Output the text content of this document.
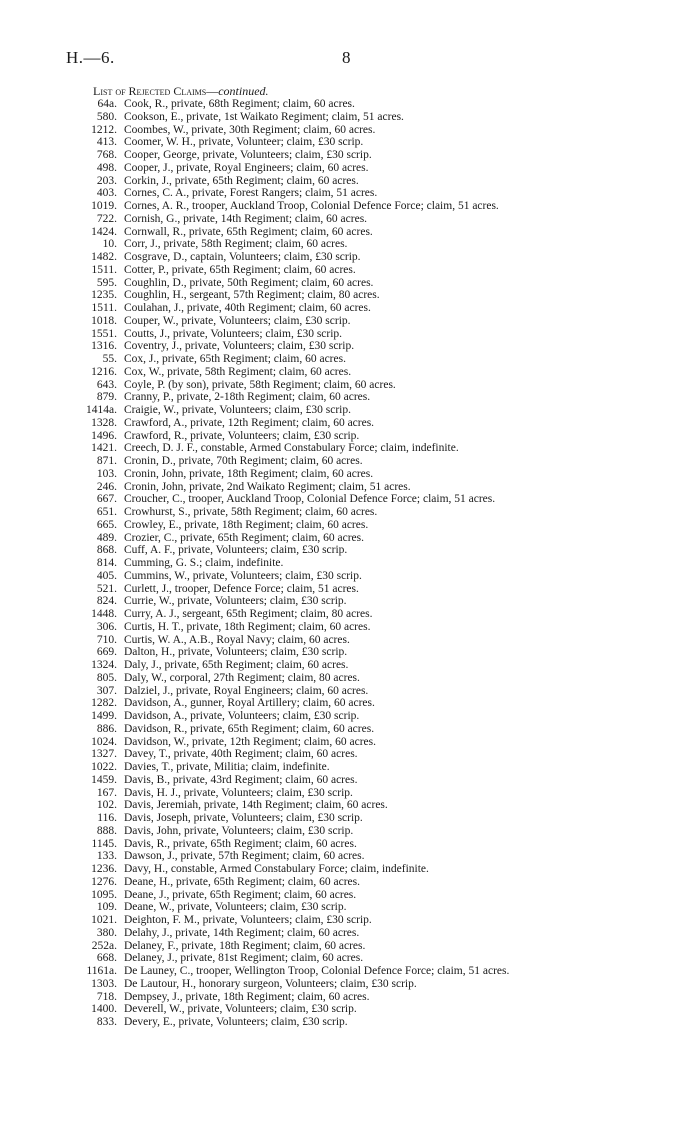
H.—6.	8
List of Rejected Claims—continued.
64a. Cook, R., private, 68th Regiment; claim, 60 acres.
580. Cookson, E., private, 1st Waikato Regiment; claim, 51 acres.
1212. Coombes, W., private, 30th Regiment; claim, 60 acres.
413. Coomer, W. H., private, Volunteer; claim, £30 scrip.
768. Cooper, George, private, Volunteers; claim, £30 scrip.
498. Cooper, J., private, Royal Engineers; claim, 60 acres.
203. Corkin, J., private, 65th Regiment; claim, 60 acres.
403. Cornes, C. A., private, Forest Rangers; claim, 51 acres.
1019. Cornes, A. R., trooper, Auckland Troop, Colonial Defence Force; claim, 51 acres.
722. Cornish, G., private, 14th Regiment; claim, 60 acres.
1424. Cornwall, R., private, 65th Regiment; claim, 60 acres.
10. Corr, J., private, 58th Regiment; claim, 60 acres.
1482. Cosgrave, D., captain, Volunteers; claim, £30 scrip.
1511. Cotter, P., private, 65th Regiment; claim, 60 acres.
595. Coughlin, D., private, 50th Regiment; claim, 60 acres.
1235. Coughlin, H., sergeant, 57th Regiment; claim, 80 acres.
1511. Coulahan, J., private, 40th Regiment; claim, 60 acres.
1018. Couper, W., private, Volunteers; claim, £30 scrip.
1551. Coutts, J., private, Volunteers; claim, £30 scrip.
1316. Coventry, J., private, Volunteers; claim, £30 scrip.
55. Cox, J., private, 65th Regiment; claim, 60 acres.
1216. Cox, W., private, 58th Regiment; claim, 60 acres.
643. Coyle, P. (by son), private, 58th Regiment; claim, 60 acres.
879. Cranny, P., private, 2-18th Regiment; claim, 60 acres.
1414a. Craigie, W., private, Volunteers; claim, £30 scrip.
1328. Crawford, A., private, 12th Regiment; claim, 60 acres.
1496. Crawford, R., private, Volunteers; claim, £30 scrip.
1421. Creech, D. J. F., constable, Armed Constabulary Force; claim, indefinite.
871. Cronin, D., private, 70th Regiment; claim, 60 acres.
103. Cronin, John, private, 18th Regiment; claim, 60 acres.
246. Cronin, John, private, 2nd Waikato Regiment; claim, 51 acres.
667. Croucher, C., trooper, Auckland Troop, Colonial Defence Force; claim, 51 acres.
651. Crowhurst, S., private, 58th Regiment; claim, 60 acres.
665. Crowley, E., private, 18th Regiment; claim, 60 acres.
489. Crozier, C., private, 65th Regiment; claim, 60 acres.
868. Cuff, A. F., private, Volunteers; claim, £30 scrip.
814. Cumming, G. S.; claim, indefinite.
405. Cummins, W., private, Volunteers; claim, £30 scrip.
521. Curlett, J., trooper, Defence Force; claim, 51 acres.
824. Currie, W., private, Volunteers; claim, £30 scrip.
1448. Curry, A. J., sergeant, 65th Regiment; claim, 80 acres.
306. Curtis, H. T., private, 18th Regiment; claim, 60 acres.
710. Curtis, W. A., A.B., Royal Navy; claim, 60 acres.
669. Dalton, H., private, Volunteers; claim, £30 scrip.
1324. Daly, J., private, 65th Regiment; claim, 60 acres.
805. Daly, W., corporal, 27th Regiment; claim, 80 acres.
307. Dalziel, J., private, Royal Engineers; claim, 60 acres.
1282. Davidson, A., gunner, Royal Artillery; claim, 60 acres.
1499. Davidson, A., private, Volunteers; claim, £30 scrip.
886. Davidson, R., private, 65th Regiment; claim, 60 acres.
1024. Davidson, W., private, 12th Regiment; claim, 60 acres.
1327. Davey, T., private, 40th Regiment; claim, 60 acres.
1022. Davies, T., private, Militia; claim, indefinite.
1459. Davis, B., private, 43rd Regiment; claim, 60 acres.
167. Davis, H. J., private, Volunteers; claim, £30 scrip.
102. Davis, Jeremiah, private, 14th Regiment; claim, 60 acres.
116. Davis, Joseph, private, Volunteers; claim, £30 scrip.
888. Davis, John, private, Volunteers; claim, £30 scrip.
1145. Davis, R., private, 65th Regiment; claim, 60 acres.
133. Dawson, J., private, 57th Regiment; claim, 60 acres.
1236. Davy, H., constable, Armed Constabulary Force; claim, indefinite.
1276. Deane, H., private, 65th Regiment; claim, 60 acres.
1095. Deane, J., private, 65th Regiment; claim, 60 acres.
109. Deane, W., private, Volunteers; claim, £30 scrip.
1021. Deighton, F. M., private, Volunteers; claim, £30 scrip.
380. Delahy, J., private, 14th Regiment; claim, 60 acres.
252a. Delaney, F., private, 18th Regiment; claim, 60 acres.
668. Delaney, J., private, 81st Regiment; claim, 60 acres.
1161a. De Launey, C., trooper, Wellington Troop, Colonial Defence Force; claim, 51 acres.
1303. De Lautour, H., honorary surgeon, Volunteers; claim, £30 scrip.
718. Dempsey, J., private, 18th Regiment; claim, 60 acres.
1400. Deverell, W., private, Volunteers; claim, £30 scrip.
833. Devery, E., private, Volunteers; claim, £30 scrip.
